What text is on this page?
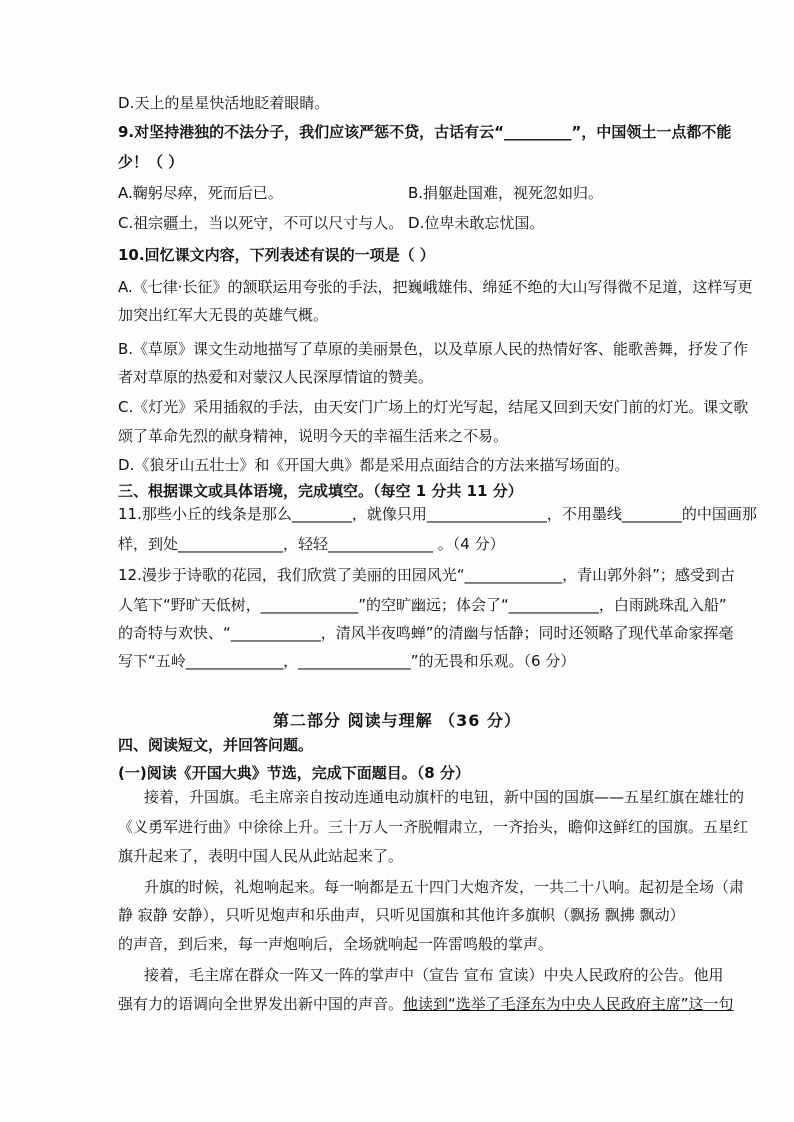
D.天上的星星快活地眨着眼睛。
9.对坚持港独的不法分子，我们应该严惩不贷，古话有云“_________”，中国领土一点都不能
少！（ ）
A.鞠躬尽瘁，死而后已。	B.捐躯赴国难，视死忽如归。
C.祖宗疆土，当以死守，不可以尺寸与人。 D.位卑未敢忘忧国。
10.回忆课文内容，下列表述有误的一项是（ ）
A.《七律·长征》的颔联运用夸张的手法，把巍峨雄伟、绵延不绝的大山写得微不足道，这样写更
加突出红军大无畏的英雄气概。
B.《草原》课文生动地描写了草原的美丽景色，以及草原人民的热情好客、能歌善舞，抒发了作
者对草原的热爱和对蒙汉人民深厚情谊的赞美。
C.《灯光》采用插叙的手法，由天安门广场上的灯光写起，结尾又回到天安门前的灯光。课文歌
颂了革命先烈的献身精神，说明今天的幸福生活来之不易。
D.《狼牙山五壮士》和《开国大典》都是采用点面结合的方法来描写场面的。
三、根据课文或具体语境，完成填空。（每空 1 分共 11 分）
11.那些小丘的线条是那么________，就像只用________________，不用墨线________的中国画那
样，到处______________，轻轻______________ 。（4 分）
12.漫步于诗歌的花园，我们欣赏了美丽的田园风光“_____________，青山郭外斜”；感受到古
人笔下“野旷天低树，_____________”的空旷幽远；体会了“____________，白雨跳珠乱入船”
的奇特与欢快、“____________，清风半夜鸣蝉”的清幽与恬静；同时还领略了现代革命家挥毫
写下“五岭_____________，_______________”的无畏和乐观。（6 分）
第二部分 阅读与理解 （36 分）
四、阅读短文，并回答问题。
(一)阅读《开国大典》节选，完成下面题目。（8 分）
接着，升国旗。毛主席亲自按动连通电动旗杆的电钮，新中国的国旗——五星红旗在雄壮的
《义勇军进行曲》中徐徐上升。三十万人一齐脱帽肃立，一齐抬头，瞻仰这鲜红的国旗。五星红
旗升起来了，表明中国人民从此站起来了。
升旗的时候，礼炮响起来。每一响都是五十四门大炮齐发，一共二十八响。起初是全场（肃
静 寂静 安静），只听见炮声和乐曲声，只听见国旗和其他许多旗帜（飘扬 飘拂 飘动）
的声音，到后来，每一声炮响后，全场就响起一阵雷鸣般的掌声。
接着，毛主席在群众一阵又一阵的掌声中（宣告 宣布 宣读）中央人民政府的公告。他用
强有力的语调向全世界发出新中国的声音。他读到“选举了毛泽东为中央人民政府主席”这一句
